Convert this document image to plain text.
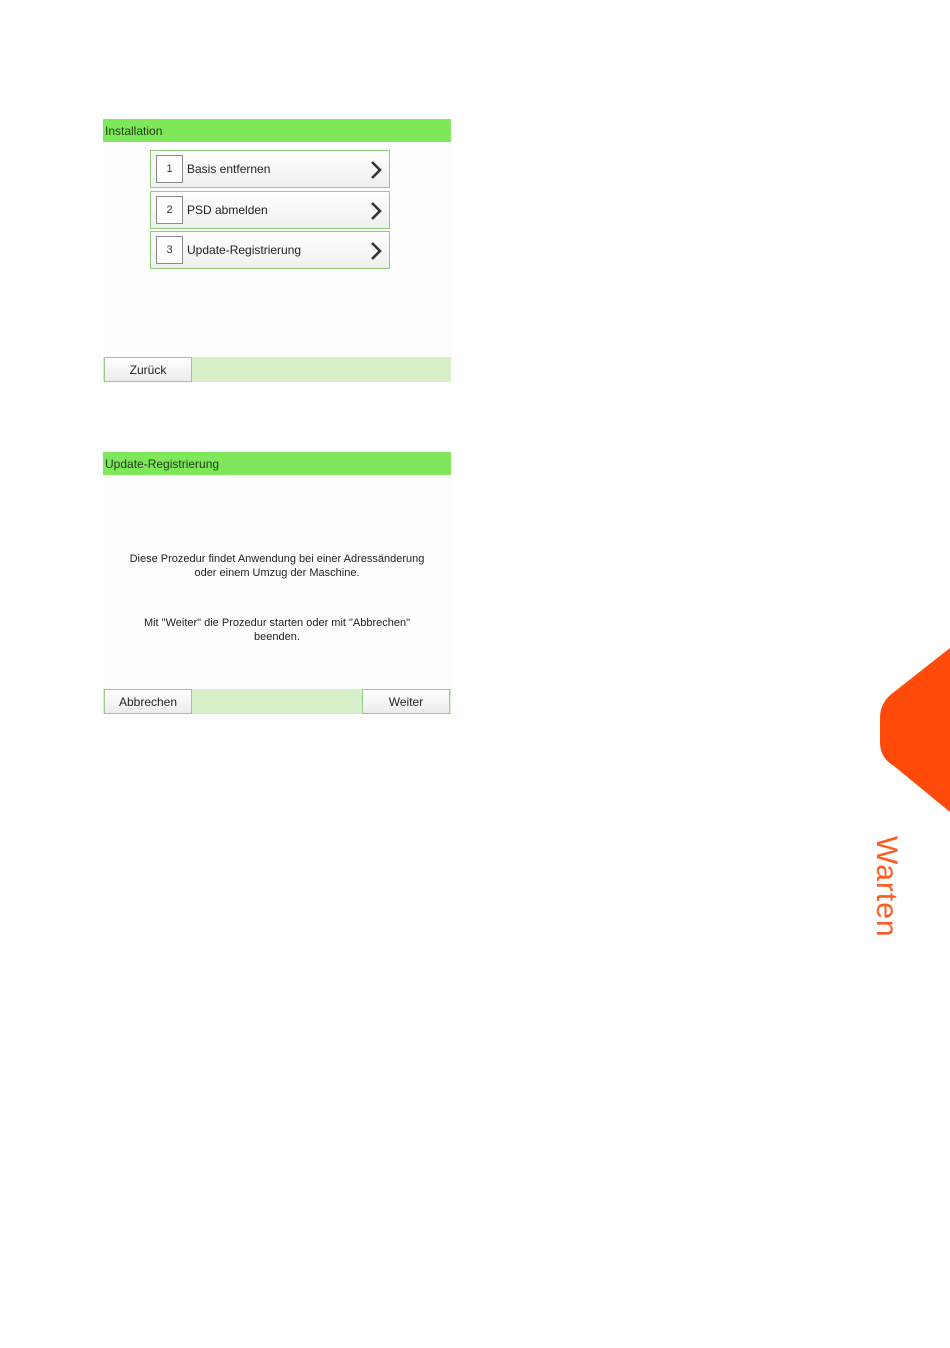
Installation
1	Basis entfernen
2	PSD abmelden
3	Update-Registrierung
Zurück
Update-Registrierung
Diese Prozedur findet Anwendung bei einer Adressänderung
oder einem Umzug der Maschine.
Mit "Weiter" die Prozedur starten oder mit "Abbrechen" beenden.
Abbrechen	Weiter
Warten
